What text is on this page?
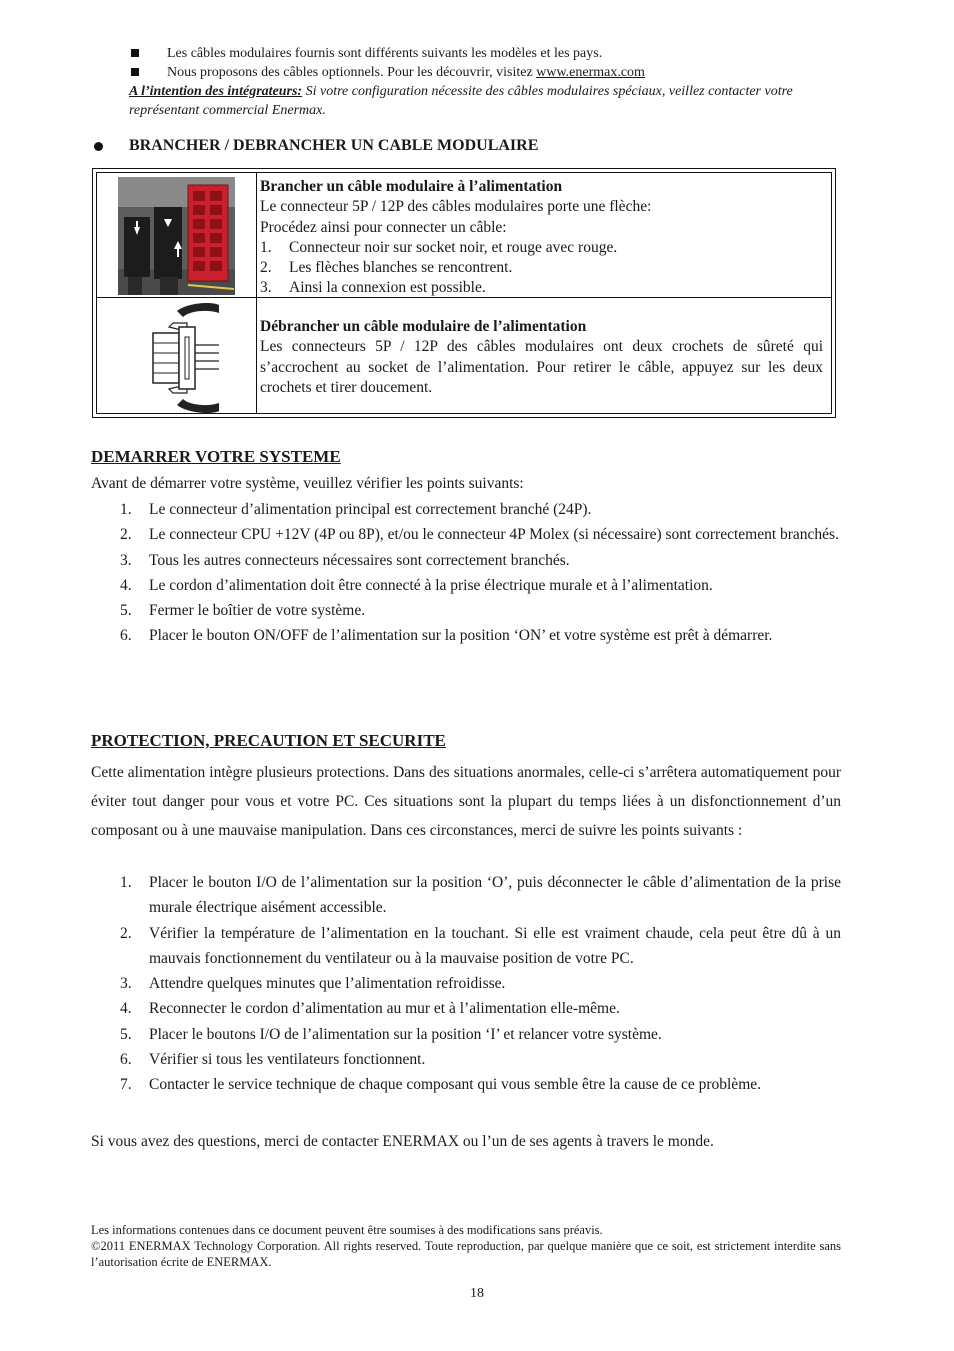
Les câbles modulaires fournis sont différents suivants les modèles et les pays.
Nous proposons des câbles optionnels. Pour les découvrir, visitez www.enermax.com
A l’intention des intégrateurs: Si votre configuration nécessite des câbles modulaires spéciaux, veillez contacter votre représentant commercial Enermax.
BRANCHER / DEBRANCHER UN CABLE MODULAIRE
Brancher un câble modulaire à l’alimentation
Le connecteur 5P / 12P des câbles modulaires porte une flèche:
Procédez ainsi pour connecter un câble:
1. Connecteur noir sur socket noir, et rouge avec rouge.
2. Les flèches blanches se rencontrent.
3. Ainsi la connexion est possible.
Débrancher un câble modulaire de l’alimentation
Les connecteurs 5P / 12P des câbles modulaires ont deux crochets de sûreté qui s’accrochent au socket de l’alimentation. Pour retirer le câble, appuyez sur les deux crochets et tirer doucement.
DEMARRER VOTRE SYSTEME
Avant de démarrer votre système, veuillez vérifier les points suivants:
1. Le connecteur d’alimentation principal est correctement branché (24P).
2. Le connecteur CPU +12V (4P ou 8P), et/ou le connecteur 4P Molex (si nécessaire) sont correctement branchés.
3. Tous les autres connecteurs nécessaires sont correctement branchés.
4. Le cordon d’alimentation doit être connecté à la prise électrique murale et à l’alimentation.
5. Fermer le boîtier de votre système.
6. Placer le bouton ON/OFF de l’alimentation sur la position ‘ON’ et votre système est prêt à démarrer.
PROTECTION, PRECAUTION ET SECURITE
Cette alimentation intègre plusieurs protections. Dans des situations anormales, celle-ci s’arrêtera automatiquement pour éviter tout danger pour vous et votre PC. Ces situations sont la plupart du temps liées à un disfonctionnement d’un composant ou à une mauvaise manipulation. Dans ces circonstances, merci de suivre les points suivants :
1. Placer le bouton I/O de l’alimentation sur la position ‘O’, puis déconnecter le câble d’alimentation de la prise murale électrique aisément accessible.
2. Vérifier la température de l’alimentation en la touchant. Si elle est vraiment chaude, cela peut être dû à un mauvais fonctionnement du ventilateur ou à la mauvaise position de votre PC.
3. Attendre quelques minutes que l’alimentation refroidisse.
4. Reconnecter le cordon d’alimentation au mur et à l’alimentation elle-même.
5. Placer le boutons I/O de l’alimentation sur la position ‘I’ et relancer votre système.
6. Vérifier si tous les ventilateurs fonctionnent.
7. Contacter le service technique de chaque composant qui vous semble être la cause de ce problème.
Si vous avez des questions, merci de contacter ENERMAX ou l’un de ses agents à travers le monde.
Les informations contenues dans ce document peuvent être soumises à des modifications sans préavis.
©2011 ENERMAX Technology Corporation. All rights reserved. Toute reproduction, par quelque manière que ce soit, est strictement interdite sans l’autorisation écrite de ENERMAX.
18
